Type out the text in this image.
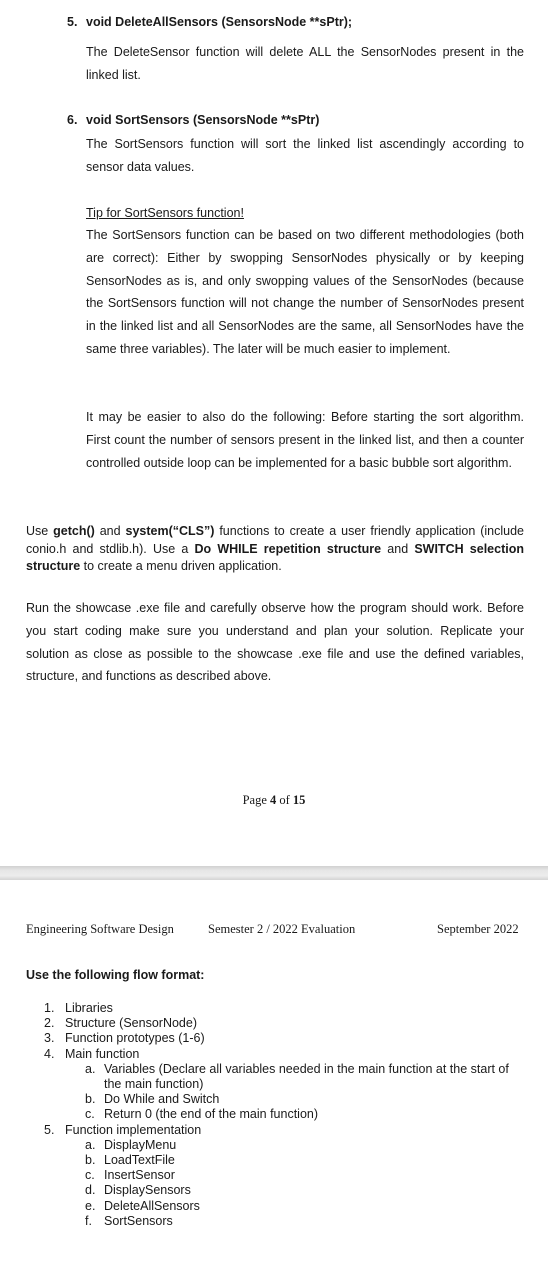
5. void DeleteAllSensors (SensorsNode **sPtr);
The DeleteSensor function will delete ALL the SensorNodes present in the linked list.
6. void SortSensors (SensorsNode **sPtr)
The SortSensors function will sort the linked list ascendingly according to sensor data values.
Tip for SortSensors function!
The SortSensors function can be based on two different methodologies (both are correct): Either by swopping SensorNodes physically or by keeping SensorNodes as is, and only swopping values of the SensorNodes (because the SortSensors function will not change the number of SensorNodes present in the linked list and all SensorNodes are the same, all SensorNodes have the same three variables). The later will be much easier to implement.
It may be easier to also do the following: Before starting the sort algorithm. First count the number of sensors present in the linked list, and then a counter controlled outside loop can be implemented for a basic bubble sort algorithm.
Use getch() and system(“CLS”) functions to create a user friendly application (include conio.h and stdlib.h). Use a Do WHILE repetition structure and SWITCH selection structure to create a menu driven application.
Run the showcase .exe file and carefully observe how the program should work. Before you start coding make sure you understand and plan your solution. Replicate your solution as close as possible to the showcase .exe file and use the defined variables, structure, and functions as described above.
Page 4 of 15
Engineering Software Design	Semester 2 / 2022 Evaluation	September 2022
Use the following flow format:
1. Libraries
2. Structure (SensorNode)
3. Function prototypes (1-6)
4. Main function
a. Variables (Declare all variables needed in the main function at the start of the main function)
b. Do While and Switch
c. Return 0 (the end of the main function)
5. Function implementation
a. DisplayMenu
b. LoadTextFile
c. InsertSensor
d. DisplaySensors
e. DeleteAllSensors
f. SortSensors
